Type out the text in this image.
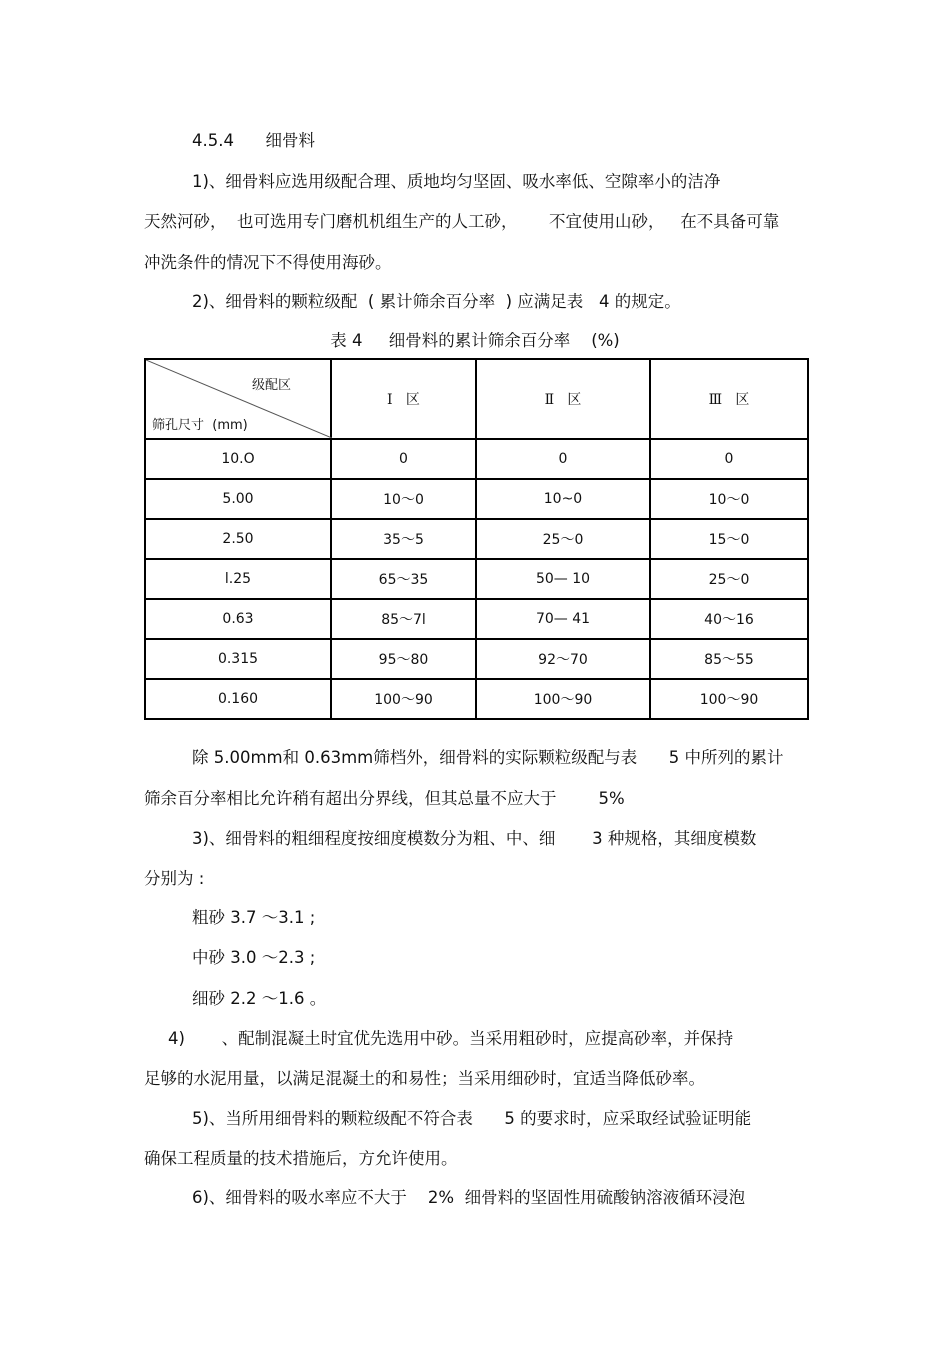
4.5.4      细骨料
1)、细骨料应选用级配合理、质地均匀坚固、吸水率低、空隙率小的洁净
天然河砂，  也可选用专门磨机机组生产的人工砂，      不宜使用山砂，   在不具备可靠
冲洗条件的情况下不得使用海砂。
2)、细骨料的颗粒级配  ( 累计筛余百分率  ) 应满足表   4 的规定。
表 4     细骨料的累计筛余百分率    (%)
级配区
筛孔尺寸  (mm)	Ⅰ   区	Ⅱ   区	Ⅲ   区
10.O	0	0	0
5.00	10～0	10~0	10～0
2.50	35～5	25～0	15～0
l.25	65～35	50— 10	25～0
0.63	85～7l	70— 41	40～16
0.315	95～80	92～70	85～55
0.160	100～90	100～90	100～90
除 5.00mm和 0.63mm筛档外，细骨料的实际颗粒级配与表      5 中所列的累计
筛余百分率相比允许稍有超出分界线，但其总量不应大于        5%
3)、细骨料的粗细程度按细度模数分为粗、中、细       3 种规格，其细度模数
分别为 :
粗砂 3.7 ～3.1 ;
中砂 3.0 ～2.3 ;
细砂 2.2 ～1.6 。
4)       、配制混凝土时宜优先选用中砂。当采用粗砂时，应提高砂率，并保持
足够的水泥用量，以满足混凝土的和易性；当采用细砂时，宜适当降低砂率。
5)、当所用细骨料的颗粒级配不符合表      5 的要求时，应采取经试验证明能
确保工程质量的技术措施后，方允许使用。
6)、细骨料的吸水率应不大于    2%  细骨料的坚固性用硫酸钠溶液循环浸泡
